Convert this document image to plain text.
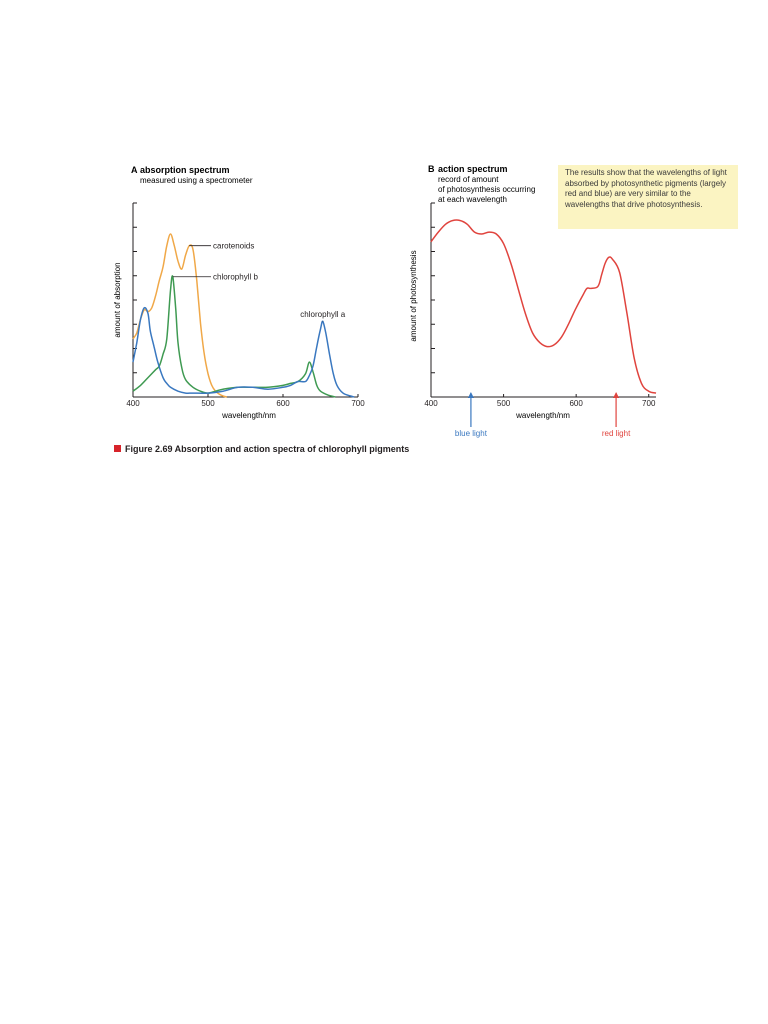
A absorption spectrum
measured using a spectrometer
amount of absorption
wavelength/nm
400	500	600	700
carotenoids
chlorophyll b
chlorophyll a
B action spectrum
record of amount of photosynthesis occurring at each wavelength
amount of photosynthesis
wavelength/nm
400	500	600	700
blue light	red light
Figure 2.69 Absorption and action spectra of chlorophyll pigments
The results show that the wavelengths of light absorbed by photosynthetic pigments (largely red and blue) are very similar to the wavelengths that drive photosynthesis.
